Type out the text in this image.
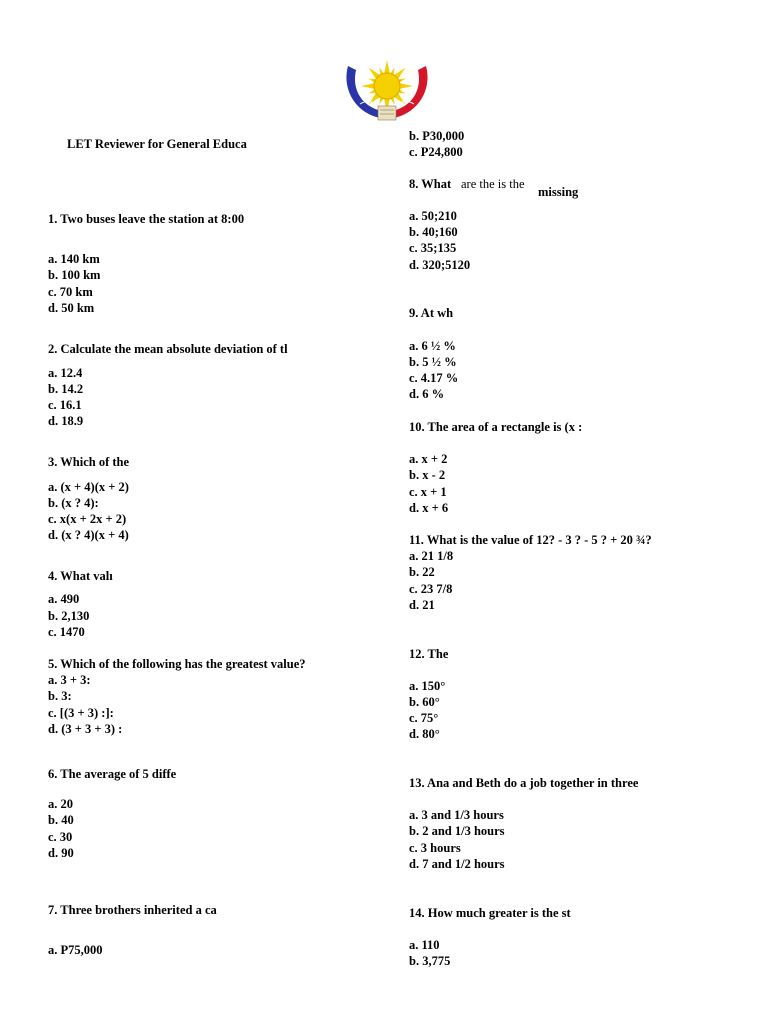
LET Reviewer for General Educa
1. Two buses leave the station at 8:00
a. 140 km
b. 100 km
c. 70 km
d. 50 km
2. Calculate the mean absolute deviation of tl
a. 12.4
b. 14.2
c. 16.1
d. 18.9
3. Which of the
a. (x + 4)(x + 2)
b. (x ? 4):
c. x(x + 2x + 2)
d. (x ? 4)(x + 4)
4. What valı
a. 490
b. 2,130
c. 1470
5. Which of the following has the greatest value?
a. 3 + 3:
b. 3:
c. [(3 + 3) :]:
d. (3 + 3 + 3) :
6. The average of 5 diffe
a. 20
b. 40
c. 30
d. 90
7. Three brothers inherited a ca
a. P75,000
b. P30,000
c. P24,800
8. What are the is the
missing
a. 50;210
b. 40;160
c. 35;135
d. 320;5120
9. At wh
a. 6 ½ %
b. 5 ½ %
c. 4.17 %
d. 6 %
10. The area of a rectangle is (x :
a. x + 2
b. x - 2
c. x + 1
d. x + 6
11. What is the value of 12? - 3 ? - 5 ? + 20 ¾?
a. 21 1/8
b. 22
c. 23 7/8
d. 21
12. The
a. 150°
b. 60°
c. 75°
d. 80°
13. Ana and Beth do a job together in three
a. 3 and 1/3 hours
b. 2 and 1/3 hours
c. 3 hours
d. 7 and 1/2 hours
14. How much greater is the st
a. 110
b. 3,775
